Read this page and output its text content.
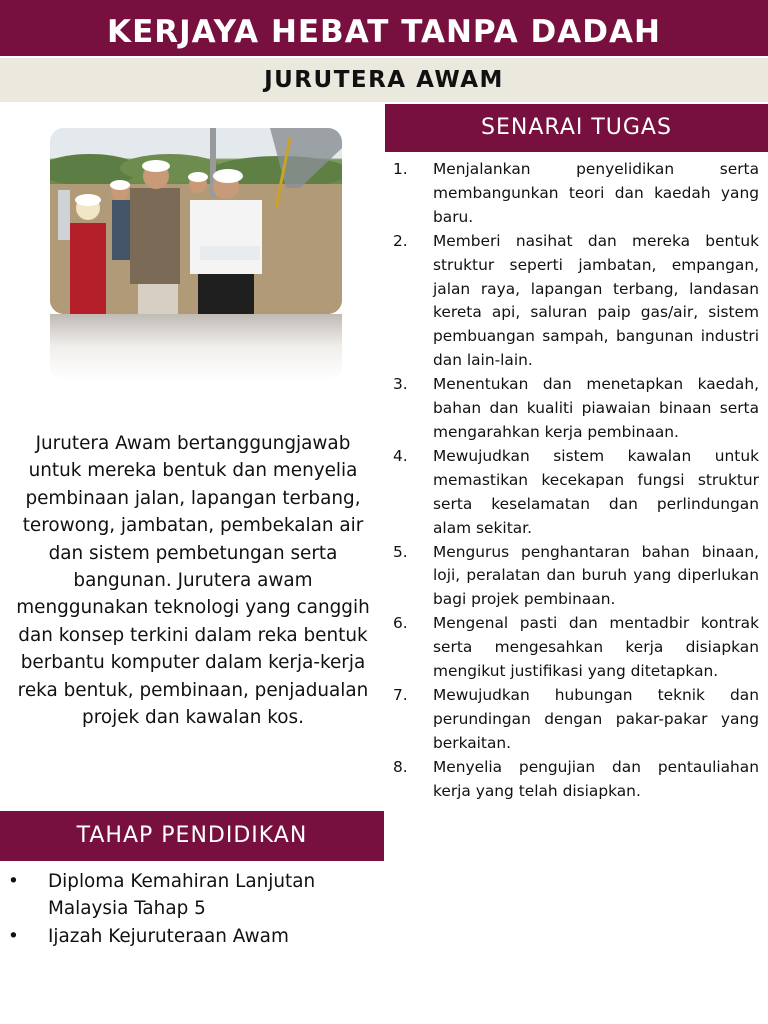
KERJAYA HEBAT TANPA DADAH
JURUTERA AWAM
SENARAI TUGAS

Jurutera Awam bertanggungjawab untuk mereka bentuk dan menyelia pembinaan jalan, lapangan terbang, terowong, jambatan, pembekalan air dan sistem pembetungan serta bangunan. Jurutera awam menggunakan teknologi yang canggih dan konsep terkini dalam reka bentuk berbantu komputer dalam kerja-kerja reka bentuk, pembinaan, penjadualan projek dan kawalan kos.

1.	Menjalankan penyelidikan serta membangunkan teori dan kaedah yang baru.
2.	Memberi nasihat dan mereka bentuk struktur seperti jambatan, empangan, jalan raya, lapangan terbang, landasan kereta api, saluran paip gas/air, sistem pembuangan sampah, bangunan industri dan lain-lain.
3.	Menentukan dan menetapkan kaedah, bahan dan kualiti piawaian binaan serta mengarahkan kerja pembinaan.
4.	Mewujudkan sistem kawalan untuk memastikan kecekapan fungsi struktur serta keselamatan dan perlindungan alam sekitar.
5.	Mengurus penghantaran bahan binaan, loji, peralatan dan buruh yang diperlukan bagi projek pembinaan.
6.	Mengenal pasti dan mentadbir kontrak serta mengesahkan kerja disiapkan mengikut justifikasi yang ditetapkan.
7.	Mewujudkan hubungan teknik dan perundingan dengan pakar-pakar yang berkaitan.
8.	Menyelia pengujian dan pentauliahan kerja yang telah disiapkan.
TAHAP PENDIDIKAN
•	Diploma Kemahiran Lanjutan Malaysia Tahap 5
•	Ijazah Kejuruteraan Awam
